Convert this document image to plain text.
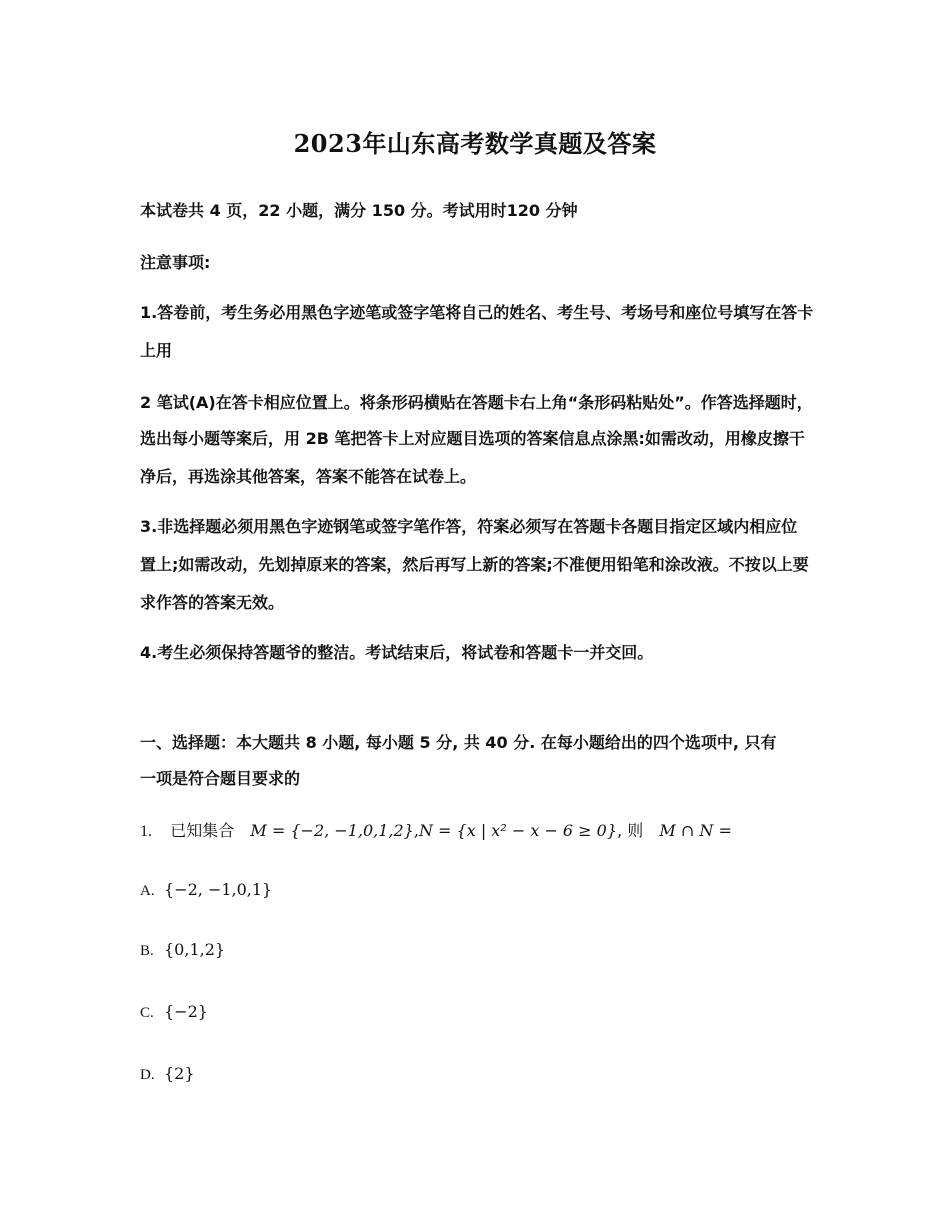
2023年山东高考数学真题及答案
本试卷共 4 页，22 小题，满分 150 分。考试用时120 分钟
注意事项:
1.答卷前，考生务必用黑色字迹笔或签字笔将自己的姓名、考生号、考场号和座位号填写在答卡
上用
2 笔试(A)在答卡相应位置上。将条形码横贴在答题卡右上角“条形码粘贴处”。作答选择题时，
选出每小题等案后，用 2B 笔把答卡上对应题目选项的答案信息点涂黑:如需改动，用橡皮擦干
净后，再选涂其他答案，答案不能答在试卷上。
3.非选择题必须用黑色字迹钢笔或签字笔作答，符案必须写在答题卡各题目指定区域内相应位
置上;如需改动，先划掉原来的答案，然后再写上新的答案;不准便用铅笔和涂改液。不按以上要
求作答的答案无效。
4.考生必须保持答题爷的整洁。考试结束后，将试卷和答题卡一并交回。
一、选择题：本大题共 8 小题, 每小题 5 分, 共 40 分. 在每小题给出的四个选项中, 只有
一项是符合题目要求的
1. 已知集合 M = {−2, −1,0,1,2},N = {x | x² − x − 6 ≥ 0}, 则 M ∩ N =
A. {−2, −1,0,1}
B. {0,1,2}
C. {−2}
D. {2}
